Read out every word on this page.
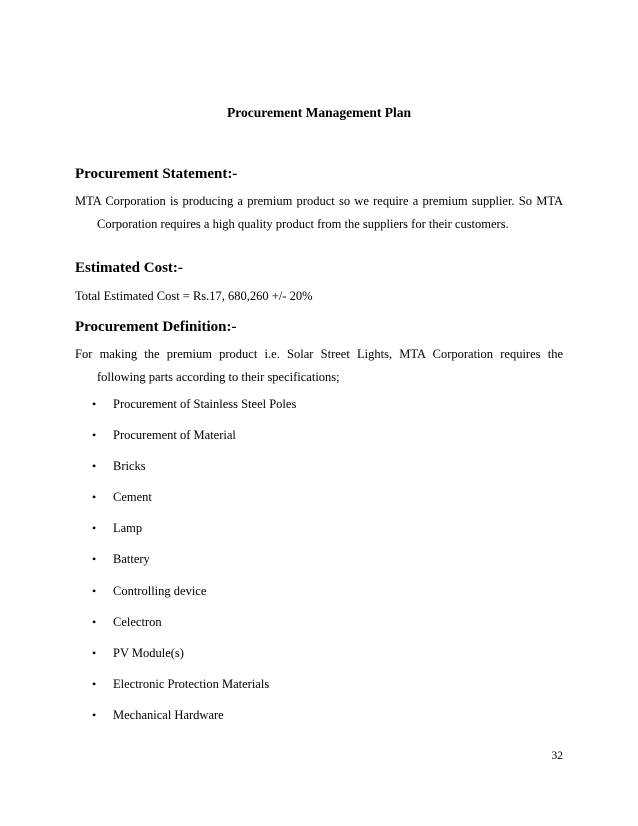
Procurement Management Plan
Procurement Statement:-

MTA Corporation is producing a premium product so we require a premium supplier. So MTA Corporation requires a high quality product from the suppliers for their customers.

Estimated Cost:-

Total Estimated Cost = Rs.17, 680,260 +/- 20%

Procurement Definition:-

For making the premium product i.e. Solar Street Lights, MTA Corporation requires the following parts according to their specifications;

•	Procurement of Stainless Steel Poles
•	Procurement of Material
•	Bricks
•	Cement
•	Lamp
•	Battery
•	Controlling device
•	Celectron
•	PV Module(s)
•	Electronic Protection Materials
•	Mechanical Hardware
32
